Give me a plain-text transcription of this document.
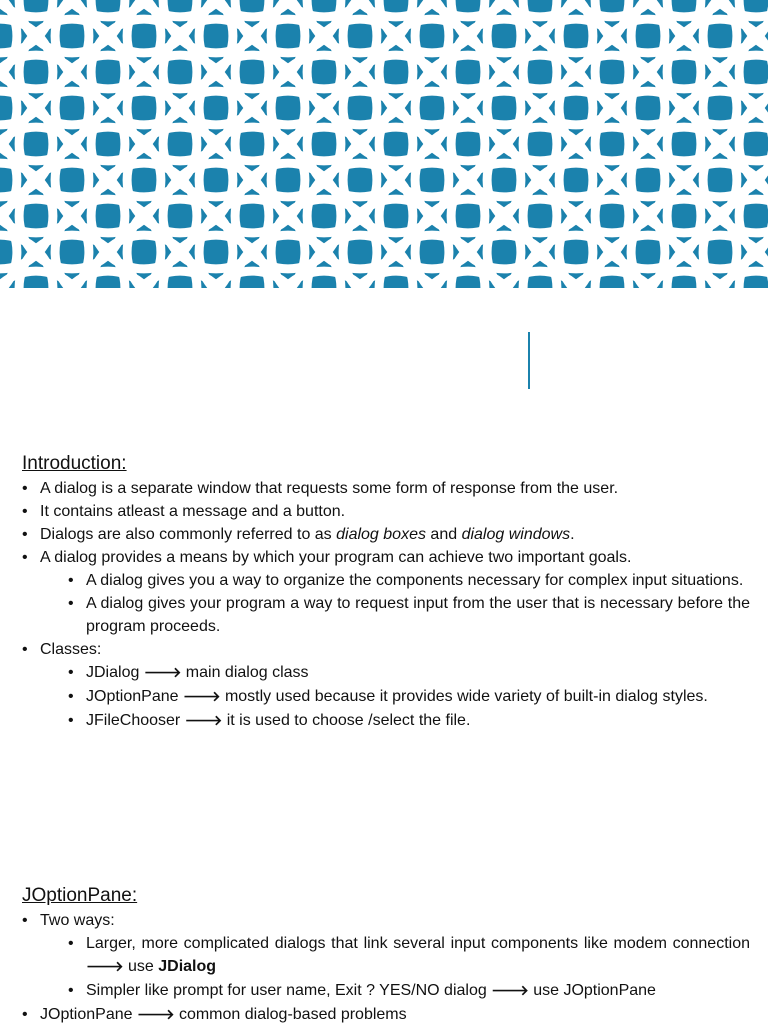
Introduction:
• A dialog is a separate window that requests some form of response from the user.
• It contains atleast a message and a button.
• Dialogs are also commonly referred to as dialog boxes and dialog windows.
• A dialog provides a means by which your program can achieve two important goals.
• A dialog gives you a way to organize the components necessary for complex input situations.
• A dialog gives your program a way to request input from the user that is necessary before the program proceeds.
• Classes:
• JDialog 🡒 main dialog class
• JOptionPane 🡒 mostly used because it provides wide variety of built-in dialog styles.
• JFileChooser 🡒 it is used to choose /select the file.
JOptionPane:
• Two ways:
• Larger, more complicated dialogs that link several input components like modem connection 🡒 use JDialog
• Simpler like prompt for user name, Exit ? YES/NO dialog 🡒 use JOptionPane
• JOptionPane 🡒 common dialog-based problems
